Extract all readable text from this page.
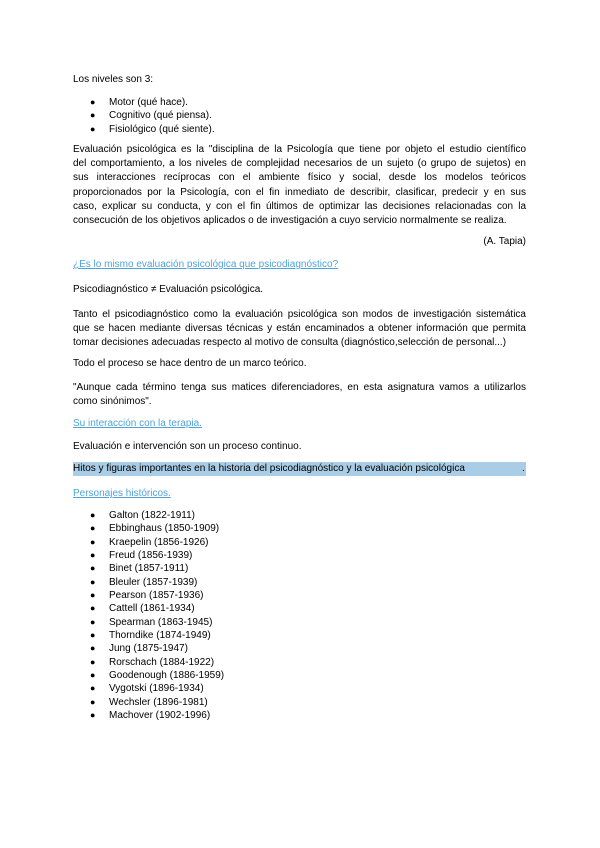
Los niveles son 3:
● Motor (qué hace).
● Cognitivo (qué piensa).
● Fisiológico (qué siente).
Evaluación psicológica es la "disciplina de la Psicología que tiene por objeto el estudio científico
del comportamiento, a los niveles de complejidad necesarios de un sujeto (o grupo de sujetos) en
sus interacciones recíprocas con el ambiente físico y social, desde los modelos teóricos
proporcionados por la Psicología, con el fin inmediato de describir, clasificar, predecir y en sus
caso, explicar su conducta, y con el fin últimos de optimizar las decisiones relacionadas con la
consecución de los objetivos aplicados o de investigación a cuyo servicio normalmente se realiza.
(A. Tapia)
¿Es lo mismo evaluación psicológica que psicodiagnóstico?
Psicodiagnóstico ≠ Evaluación psicológica.
Tanto el psicodiagnóstico como la evaluación psicológica son modos de investigación sistemática
que se hacen mediante diversas técnicas y están encaminados a obtener información que permita
tomar decisiones adecuadas respecto al motivo de consulta (diagnóstico,selección de personal...)
Todo el proceso se hace dentro de un marco teórico.
"Aunque cada término tenga sus matices diferenciadores, en esta asignatura vamos a utilizarlos
como sinónimos".
Su interacción con la terapia.
Evaluación e intervención son un proceso continuo.
Hitos y figuras importantes en la historia del psicodiagnóstico y la evaluación psicológica	.
Personajes históricos.
● Galton (1822-1911)
● Ebbinghaus (1850-1909)
● Kraepelin (1856-1926)
● Freud (1856-1939)
● Binet (1857-1911)
● Bleuler (1857-1939)
● Pearson (1857-1936)
● Cattell (1861-1934)
● Spearman (1863-1945)
● Thorndike (1874-1949)
● Jung (1875-1947)
● Rorschach (1884-1922)
● Goodenough (1886-1959)
● Vygotski (1896-1934)
● Wechsler (1896-1981)
● Machover (1902-1996)
